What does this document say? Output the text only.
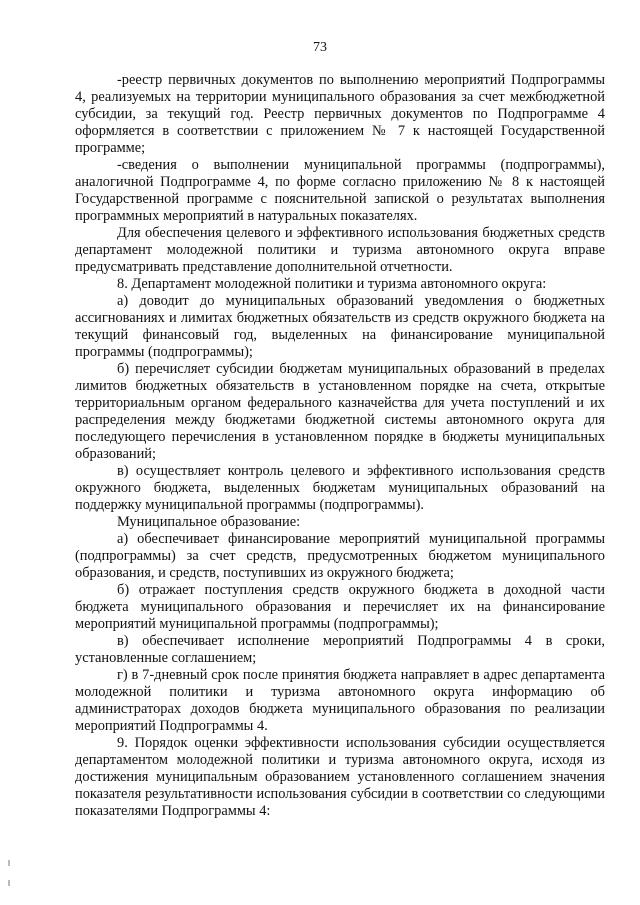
73

-реестр первичных документов по выполнению мероприятий Подпрограммы 4, реализуемых на территории муниципального образования за счет межбюджетной субсидии, за текущий год. Реестр первичных документов по Подпрограмме 4 оформляется в соответствии с приложением № 7 к настоящей Государственной программе;

-сведения о выполнении муниципальной программы (подпрограммы), аналогичной Подпрограмме 4, по форме согласно приложению № 8 к настоящей Государственной программе с пояснительной запиской о результатах выполнения программных мероприятий в натуральных показателях.

Для обеспечения целевого и эффективного использования бюджетных средств департамент молодежной политики и туризма автономного округа вправе предусматривать представление дополнительной отчетности.

8. Департамент молодежной политики и туризма автономного округа:

а) доводит до муниципальных образований уведомления о бюджетных ассигнованиях и лимитах бюджетных обязательств из средств окружного бюджета на текущий финансовый год, выделенных на финансирование муниципальной программы (подпрограммы);

б) перечисляет субсидии бюджетам муниципальных образований в пределах лимитов бюджетных обязательств в установленном порядке на счета, открытые территориальным органом федерального казначейства для учета поступлений и их распределения между бюджетами бюджетной системы автономного округа для последующего перечисления в установленном порядке в бюджеты муниципальных образований;

в) осуществляет контроль целевого и эффективного использования средств окружного бюджета, выделенных бюджетам муниципальных образований на поддержку муниципальной программы (подпрограммы).

Муниципальное образование:

а) обеспечивает финансирование мероприятий муниципальной программы (подпрограммы) за счет средств, предусмотренных бюджетом муниципального образования, и средств, поступивших из окружного бюджета;

б) отражает поступления средств окружного бюджета в доходной части бюджета муниципального образования и перечисляет их на финансирование мероприятий муниципальной программы (подпрограммы);

в) обеспечивает исполнение мероприятий Подпрограммы 4 в сроки, установленные соглашением;

г) в 7-дневный срок после принятия бюджета направляет в адрес департамента молодежной политики и туризма автономного округа информацию об администраторах доходов бюджета муниципального образования по реализации мероприятий Подпрограммы 4.

9. Порядок оценки эффективности использования субсидии осуществляется департаментом молодежной политики и туризма автономного округа, исходя из достижения муниципальным образованием установленного соглашением значения показателя результативности использования субсидии в соответствии со следующими показателями Подпрограммы 4:
